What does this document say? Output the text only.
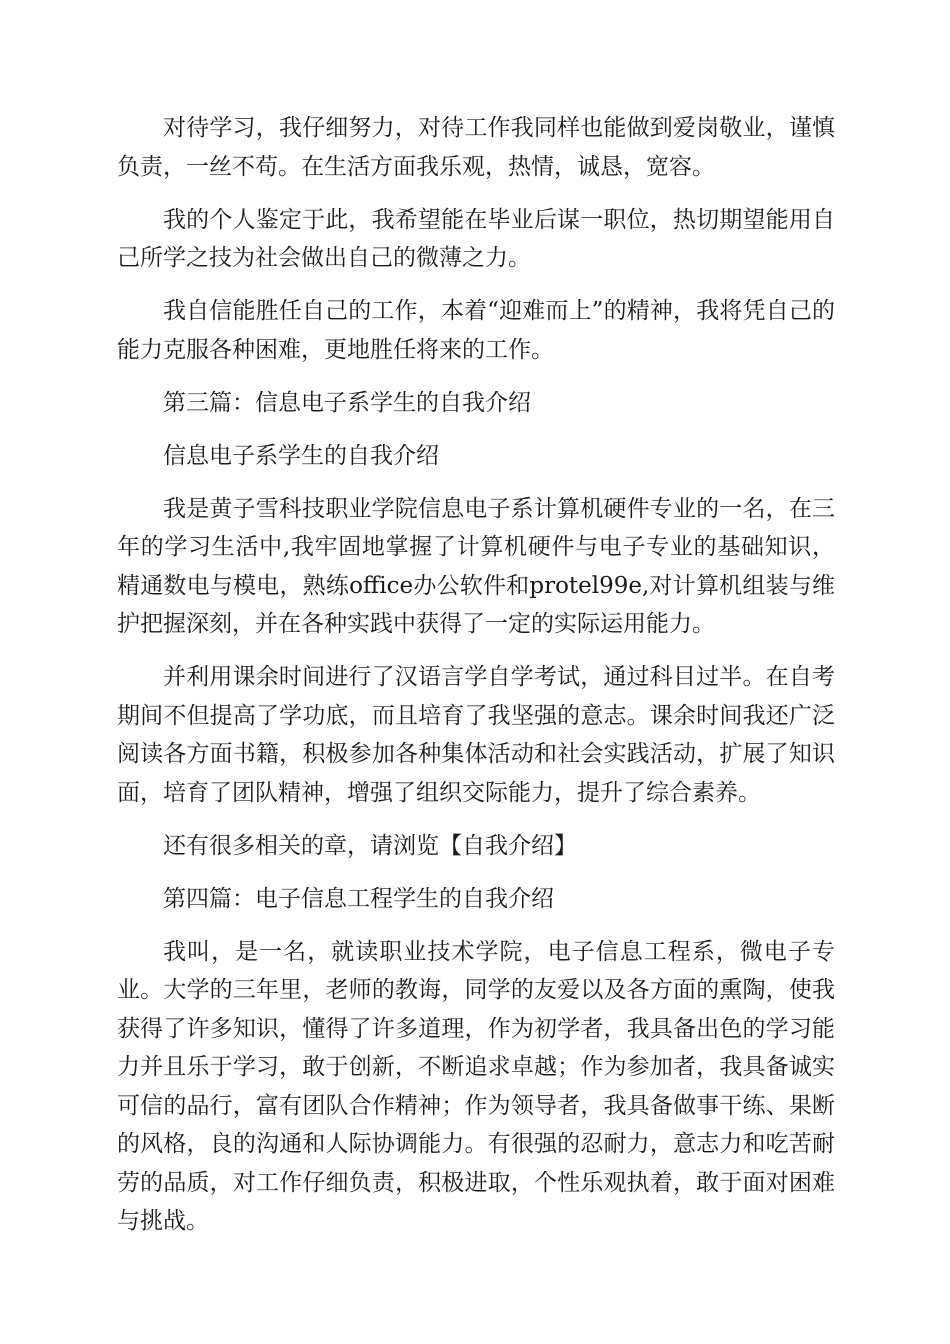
对待学习，我仔细努力，对待工作我同样也能做到爱岗敬业，谨慎负责，一丝不苟。在生活方面我乐观，热情，诚恳，宽容。

我的个人鉴定于此，我希望能在毕业后谋一职位，热切期望能用自己所学之技为社会做出自己的微薄之力。

我自信能胜任自己的工作，本着“迎难而上”的精神，我将凭自己的能力克服各种困难，更地胜任将来的工作。

第三篇：信息电子系学生的自我介绍

信息电子系学生的自我介绍

我是黄子雪科技职业学院信息电子系计算机硬件专业的一名，在三年的学习生活中,我牢固地掌握了计算机硬件与电子专业的基础知识，精通数电与模电，熟练office办公软件和protel99e,对计算机组装与维护把握深刻，并在各种实践中获得了一定的实际运用能力。

并利用课余时间进行了汉语言学自学考试，通过科目过半。在自考期间不但提高了学功底，而且培育了我坚强的意志。课余时间我还广泛阅读各方面书籍，积极参加各种集体活动和社会实践活动，扩展了知识面，培育了团队精神，增强了组织交际能力，提升了综合素养。

还有很多相关的章，请浏览【自我介绍】

第四篇：电子信息工程学生的自我介绍

我叫，是一名，就读职业技术学院，电子信息工程系，微电子专业。大学的三年里，老师的教诲，同学的友爱以及各方面的熏陶，使我获得了许多知识，懂得了许多道理，作为初学者，我具备出色的学习能力并且乐于学习，敢于创新，不断追求卓越；作为参加者，我具备诚实可信的品行，富有团队合作精神；作为领导者，我具备做事干练、果断的风格，良的沟通和人际协调能力。有很强的忍耐力，意志力和吃苦耐劳的品质，对工作仔细负责，积极进取，个性乐观执着，敢于面对困难与挑战。
